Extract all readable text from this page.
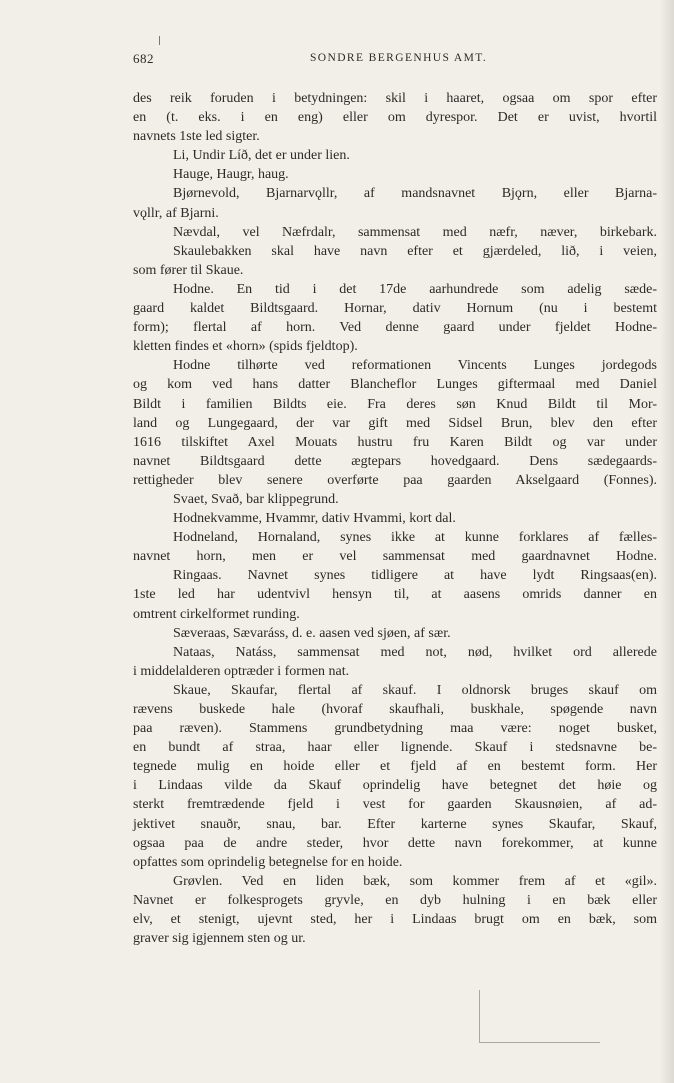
682	SONDRE BERGENHUS AMT.
des reik foruden i betydningen: skil i haaret, ogsaa om spor efter
en (t. eks. i en eng) eller om dyrespor. Det er uvist, hvortil
navnets 1ste led sigter.
Li, Undir Líð, det er under lien.
Hauge, Haugr, haug.
Bjørnevold, Bjarnarvǫllr, af mandsnavnet Bjǫrn, eller Bjarna-
vǫllr, af Bjarni.
Nævdal, vel Næfrdalr, sammensat med næfr, næver, birkebark.
Skaulebakken skal have navn efter et gjærdeled, lið, i veien,
som fører til Skaue.
Hodne. En tid i det 17de aarhundrede som adelig sæde-
gaard kaldet Bildtsgaard. Hornar, dativ Hornum (nu i bestemt
form); flertal af horn. Ved denne gaard under fjeldet Hodne-
kletten findes et «horn» (spids fjeldtop).
Hodne tilhørte ved reformationen Vincents Lunges jordegods
og kom ved hans datter Blancheflor Lunges giftermaal med Daniel
Bildt i familien Bildts eie. Fra deres søn Knud Bildt til Mor-
land og Lungegaard, der var gift med Sidsel Brun, blev den efter
1616 tilskiftet Axel Mouats hustru fru Karen Bildt og var under
navnet Bildtsgaard dette ægtepars hovedgaard. Dens sædegaards-
rettigheder blev senere overførte paa gaarden Akselgaard (Fonnes).
Svaet, Svað, bar klippegrund.
Hodnekvamme, Hvammr, dativ Hvammi, kort dal.
Hodneland, Hornaland, synes ikke at kunne forklares af fælles-
navnet horn, men er vel sammensat med gaardnavnet Hodne.
Ringaas. Navnet synes tidligere at have lydt Ringsaas(en).
1ste led har udentvivl hensyn til, at aasens omrids danner en
omtrent cirkelformet runding.
Sæveraas, Sævaráss, d. e. aasen ved sjøen, af sær.
Nataas, Natáss, sammensat med not, nød, hvilket ord allerede
i middelalderen optræder i formen nat.
Skaue, Skaufar, flertal af skauf. I oldnorsk bruges skauf om
rævens buskede hale (hvoraf skaufhali, buskhale, spøgende navn
paa ræven). Stammens grundbetydning maa være: noget busket,
en bundt af straa, haar eller lignende. Skauf i stedsnavne be-
tegnede mulig en hoide eller et fjeld af en bestemt form. Her
i Lindaas vilde da Skauf oprindelig have betegnet det høie og
sterkt fremtrædende fjeld i vest for gaarden Skausnøien, af ad-
jektivet snauðr, snau, bar. Efter karterne synes Skaufar, Skauf,
ogsaa paa de andre steder, hvor dette navn forekommer, at kunne
opfattes som oprindelig betegnelse for en hoide.
Grøvlen. Ved en liden bæk, som kommer frem af et «gil».
Navnet er folkesprogets gryvle, en dyb hulning i en bæk eller
elv, et stenigt, ujevnt sted, her i Lindaas brugt om en bæk, som
graver sig igjennem sten og ur.
